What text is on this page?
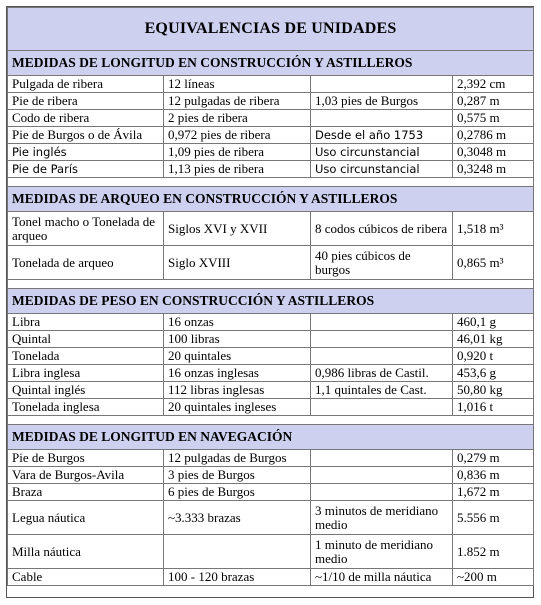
EQUIVALENCIAS DE UNIDADES			
MEDIDAS DE LONGITUD EN CONSTRUCCIÓN Y ASTILLEROS			
Pulgada de ribera	12 líneas		2,392 cm
Pie de ribera	12 pulgadas de ribera	1,03 pies de Burgos	0,287 m
Codo de ribera	2 pies de ribera		0,575 m
Pie de Burgos o de Ávila	0,972 pies de ribera	Desde el año 1753	0,2786 m
Pie inglés	1,09 pies de ribera	Uso circunstancial	0,3048 m
Pie de París	1,13 pies de ribera	Uso circunstancial	0,3248 m

MEDIDAS DE ARQUEO EN CONSTRUCCIÓN Y ASTILLEROS			
Tonel macho o Tonelada de arqueo	Siglos XVI y XVII	8 codos cúbicos de ribera	1,518 m³
Tonelada de arqueo	Siglo XVIII	40 pies cúbicos de burgos	0,865 m³

MEDIDAS DE PESO EN CONSTRUCCIÓN Y ASTILLEROS			
Libra	16 onzas		460,1 g
Quintal	100 libras		46,01 kg
Tonelada	20 quintales		0,920 t
Libra inglesa	16 onzas inglesas	0,986 libras de Castil.	453,6 g
Quintal inglés	112 libras inglesas	1,1 quintales de Cast.	50,80 kg
Tonelada inglesa	20 quintales ingleses		1,016 t

MEDIDAS DE LONGITUD EN NAVEGACIÓN			
Pie de Burgos	12 pulgadas de Burgos		0,279 m
Vara de Burgos-Avila	3 pies de Burgos		0,836 m
Braza	6 pies de Burgos		1,672 m
Legua náutica	~3.333 brazas	3 minutos de meridiano medio	5.556 m
Milla náutica		1 minuto de meridiano medio	1.852 m
Cable	100 - 120 brazas	~1/10 de milla náutica	~200 m
